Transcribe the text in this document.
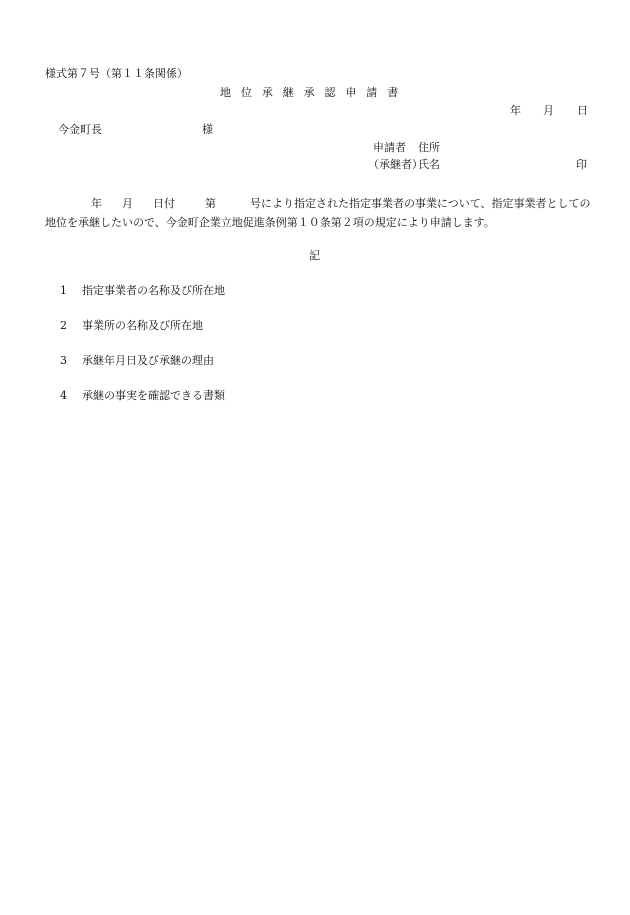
様式第７号（第１１条関係）
地位承継承認申請書
年 月 日
今金町長	様
申請者 住所
（承継者）
氏名	印
年 月 日付	第	号により指定された指定事業者の事業について、指定事業者としての地位を承継したいので、今金町企業立地促進条例第１０条第２項の規定により申請します。
記
1 指定事業者の名称及び所在地
2 事業所の名称及び所在地
3 承継年月日及び承継の理由
4 承継の事実を確認できる書類
